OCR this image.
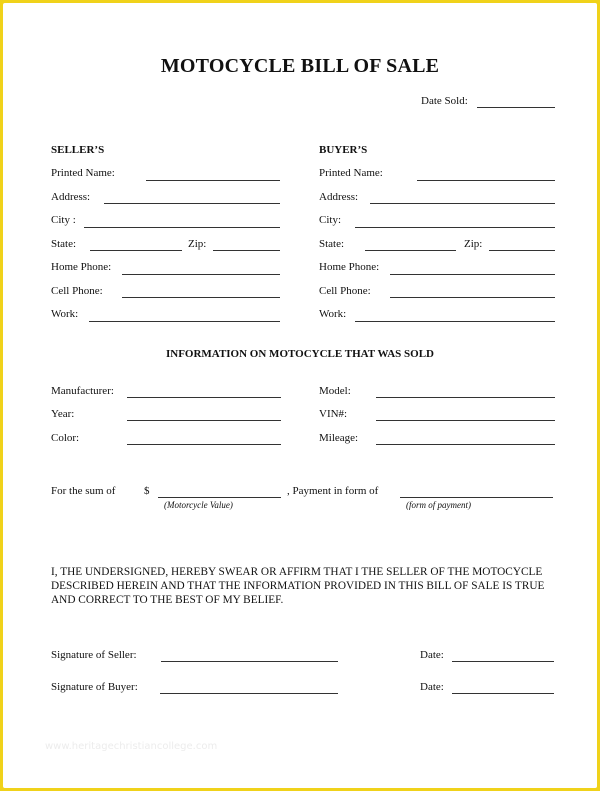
MOTOCYCLE BILL OF SALE
Date Sold:
SELLER’S
Printed Name:
Address:
City :
State:	Zip:
Home Phone:
Cell Phone:
Work:
BUYER’S
Printed Name:
Address:
City:
State:	Zip:
Home Phone:
Cell Phone:
Work:
INFORMATION ON MOTOCYCLE THAT WAS SOLD
Manufacturer:
Year:
Color:
Model:
VIN#:
Mileage:
For the sum of	$
(Motorcycle Value)
, Payment in form of
(form of payment)
I, THE UNDERSIGNED, HEREBY SWEAR OR AFFIRM THAT I THE SELLER OF THE MOTOCYCLE DESCRIBED HEREIN AND THAT THE INFORMATION PROVIDED IN THIS BILL OF SALE IS TRUE AND CORRECT TO THE BEST OF MY BELIEF.
Signature of Seller:	Date:
Signature of Buyer:	Date:
www.heritagechristiancollege.com
